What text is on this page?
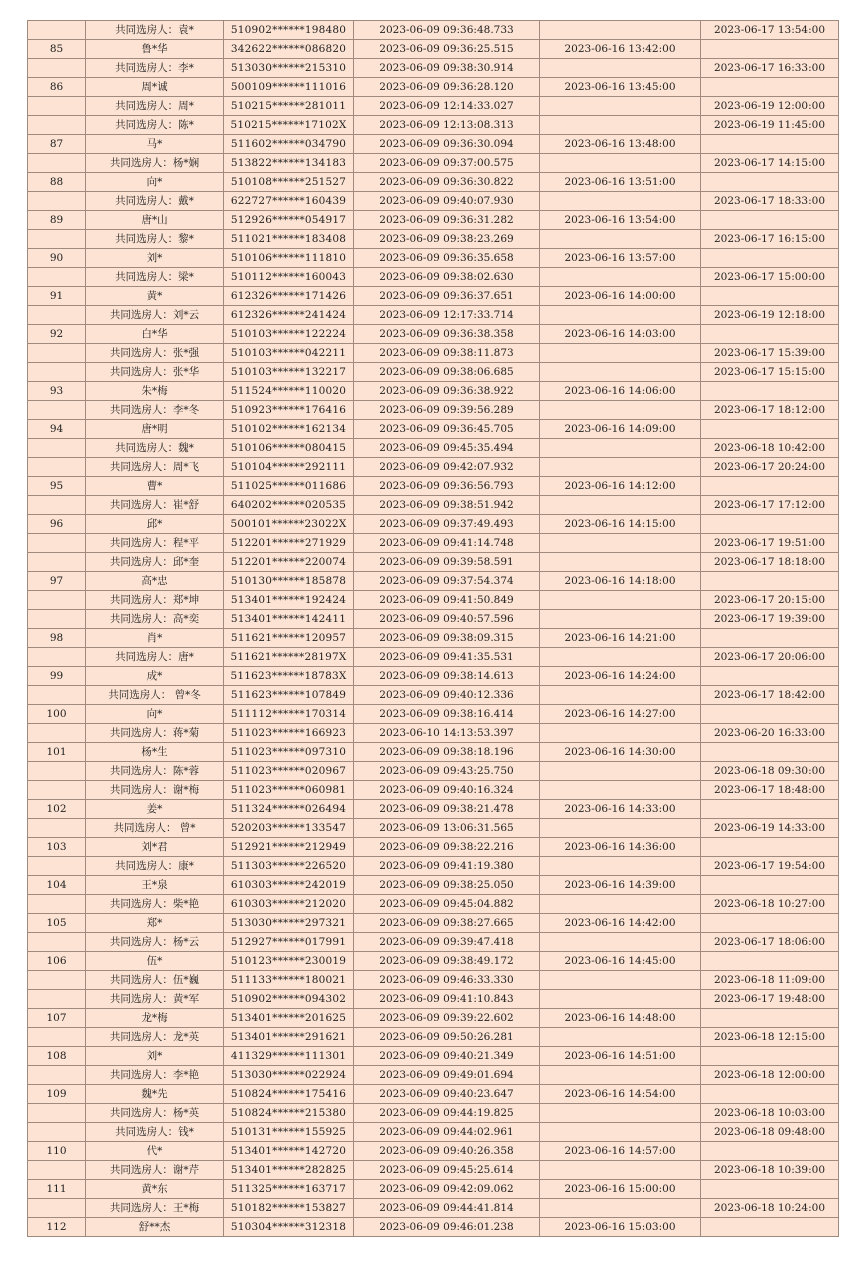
	共同选房人：袁*	510902******198480	2023-06-09 09:36:48.733		2023-06-17 13:54:00
85	鲁*华	342622******086820	2023-06-09 09:36:25.515	2023-06-16 13:42:00	
	共同选房人：李*	513030******215310	2023-06-09 09:38:30.914		2023-06-17 16:33:00
86	周*诚	500109******111016	2023-06-09 09:36:28.120	2023-06-16 13:45:00	
	共同选房人：周*	510215******281011	2023-06-09 12:14:33.027		2023-06-19 12:00:00
	共同选房人：陈*	510215******17102X	2023-06-09 12:13:08.313		2023-06-19 11:45:00
87	马*	511602******034790	2023-06-09 09:36:30.094	2023-06-16 13:48:00	
	共同选房人：杨*娴	513822******134183	2023-06-09 09:37:00.575		2023-06-17 14:15:00
88	向*	510108******251527	2023-06-09 09:36:30.822	2023-06-16 13:51:00	
	共同选房人：戴*	622727******160439	2023-06-09 09:40:07.930		2023-06-17 18:33:00
89	唐*山	512926******054917	2023-06-09 09:36:31.282	2023-06-16 13:54:00	
	共同选房人：黎*	511021******183408	2023-06-09 09:38:23.269		2023-06-17 16:15:00
90	刘*	510106******111810	2023-06-09 09:36:35.658	2023-06-16 13:57:00	
	共同选房人：梁*	510112******160043	2023-06-09 09:38:02.630		2023-06-17 15:00:00
91	黄*	612326******171426	2023-06-09 09:36:37.651	2023-06-16 14:00:00	
	共同选房人：刘*云	612326******241424	2023-06-09 12:17:33.714		2023-06-19 12:18:00
92	白*华	510103******122224	2023-06-09 09:36:38.358	2023-06-16 14:03:00	
	共同选房人：张*强	510103******042211	2023-06-09 09:38:11.873		2023-06-17 15:39:00
	共同选房人：张*华	510103******132217	2023-06-09 09:38:06.685		2023-06-17 15:15:00
93	朱*梅	511524******110020	2023-06-09 09:36:38.922	2023-06-16 14:06:00	
	共同选房人：李*冬	510923******176416	2023-06-09 09:39:56.289		2023-06-17 18:12:00
94	唐*明	510102******162134	2023-06-09 09:36:45.705	2023-06-16 14:09:00	
	共同选房人：魏*	510106******080415	2023-06-09 09:45:35.494		2023-06-18 10:42:00
	共同选房人：周*飞	510104******292111	2023-06-09 09:42:07.932		2023-06-17 20:24:00
95	曹*	511025******011686	2023-06-09 09:36:56.793	2023-06-16 14:12:00	
	共同选房人：崔*舒	640202******020535	2023-06-09 09:38:51.942		2023-06-17 17:12:00
96	邱*	500101******23022X	2023-06-09 09:37:49.493	2023-06-16 14:15:00	
	共同选房人：程*平	512201******271929	2023-06-09 09:41:14.748		2023-06-17 19:51:00
	共同选房人：邱*奎	512201******220074	2023-06-09 09:39:58.591		2023-06-17 18:18:00
97	高*忠	510130******185878	2023-06-09 09:37:54.374	2023-06-16 14:18:00	
	共同选房人：郑*坤	513401******192424	2023-06-09 09:41:50.849		2023-06-17 20:15:00
	共同选房人：高*奕	513401******142411	2023-06-09 09:40:57.596		2023-06-17 19:39:00
98	肖*	511621******120957	2023-06-09 09:38:09.315	2023-06-16 14:21:00	
	共同选房人：唐*	511621******28197X	2023-06-09 09:41:35.531		2023-06-17 20:06:00
99	成*	511623******18783X	2023-06-09 09:38:14.613	2023-06-16 14:24:00	
	共同选房人： 曾*冬	511623******107849	2023-06-09 09:40:12.336		2023-06-17 18:42:00
100	向*	511112******170314	2023-06-09 09:38:16.414	2023-06-16 14:27:00	
	共同选房人：蒋*菊	511023******166923	2023-06-10 14:13:53.397		2023-06-20 16:33:00
101	杨*生	511023******097310	2023-06-09 09:38:18.196	2023-06-16 14:30:00	
	共同选房人：陈*蓉	511023******020967	2023-06-09 09:43:25.750		2023-06-18 09:30:00
	共同选房人：谢*梅	511023******060981	2023-06-09 09:40:16.324		2023-06-17 18:48:00
102	姜*	511324******026494	2023-06-09 09:38:21.478	2023-06-16 14:33:00	
	共同选房人： 曾*	520203******133547	2023-06-09 13:06:31.565		2023-06-19 14:33:00
103	刘*君	512921******212949	2023-06-09 09:38:22.216	2023-06-16 14:36:00	
	共同选房人：康*	511303******226520	2023-06-09 09:41:19.380		2023-06-17 19:54:00
104	王*泉	610303******242019	2023-06-09 09:38:25.050	2023-06-16 14:39:00	
	共同选房人：柴*艳	610303******212020	2023-06-09 09:45:04.882		2023-06-18 10:27:00
105	郑*	513030******297321	2023-06-09 09:38:27.665	2023-06-16 14:42:00	
	共同选房人：杨*云	512927******017991	2023-06-09 09:39:47.418		2023-06-17 18:06:00
106	伍*	510123******230019	2023-06-09 09:38:49.172	2023-06-16 14:45:00	
	共同选房人：伍*巍	511133******180021	2023-06-09 09:46:33.330		2023-06-18 11:09:00
	共同选房人：黄*军	510902******094302	2023-06-09 09:41:10.843		2023-06-17 19:48:00
107	龙*梅	513401******201625	2023-06-09 09:39:22.602	2023-06-16 14:48:00	
	共同选房人：龙*英	513401******291621	2023-06-09 09:50:26.281		2023-06-18 12:15:00
108	刘*	411329******111301	2023-06-09 09:40:21.349	2023-06-16 14:51:00	
	共同选房人：李*艳	513030******022924	2023-06-09 09:49:01.694		2023-06-18 12:00:00
109	魏*先	510824******175416	2023-06-09 09:40:23.647	2023-06-16 14:54:00	
	共同选房人：杨*英	510824******215380	2023-06-09 09:44:19.825		2023-06-18 10:03:00
	共同选房人：钱*	510131******155925	2023-06-09 09:44:02.961		2023-06-18 09:48:00
110	代*	513401******142720	2023-06-09 09:40:26.358	2023-06-16 14:57:00	
	共同选房人：谢*芹	513401******282825	2023-06-09 09:45:25.614		2023-06-18 10:39:00
111	黄*东	511325******163717	2023-06-09 09:42:09.062	2023-06-16 15:00:00	
	共同选房人：王*梅	510182******153827	2023-06-09 09:44:41.814		2023-06-18 10:24:00
112	舒**杰	510304******312318	2023-06-09 09:46:01.238	2023-06-16 15:03:00	
